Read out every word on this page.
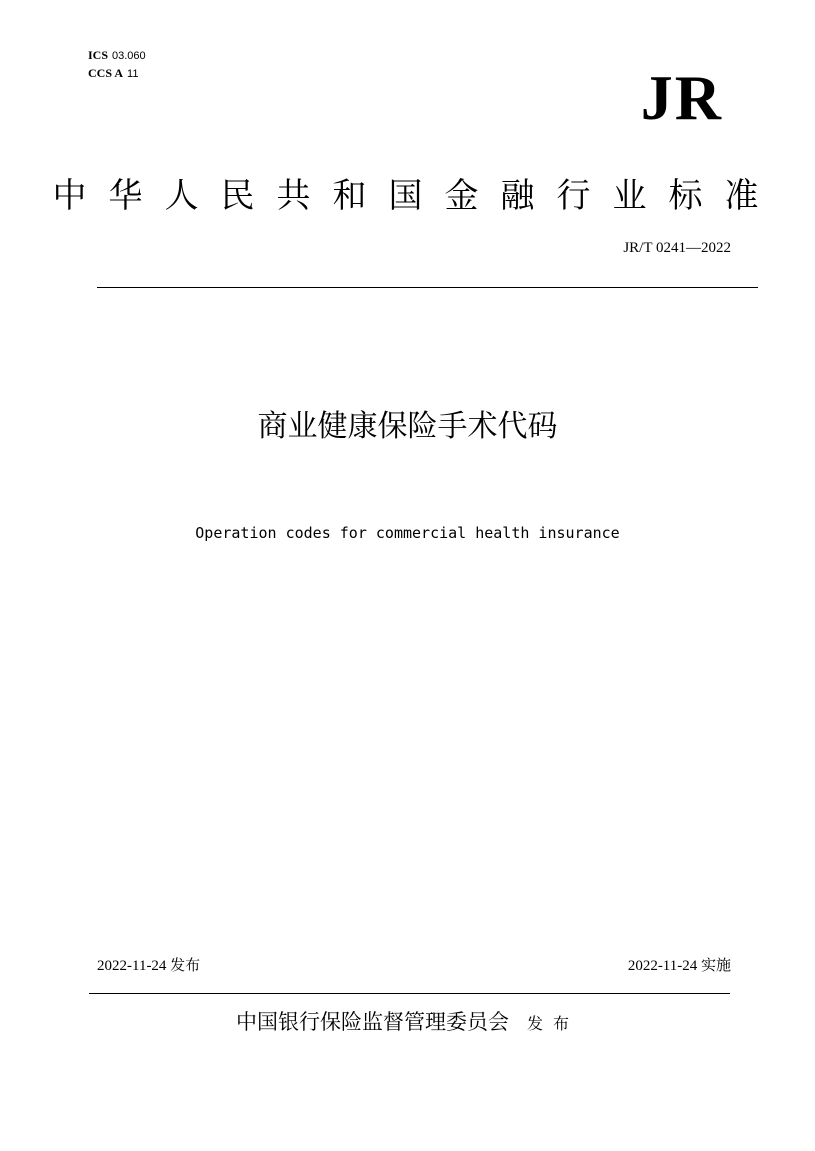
ICS 03.060
CCS A 11	JR
中华人民共和国金融行业标准
JR/T 0241—2022
商业健康保险手术代码
Operation codes for commercial health insurance
2022-11-24 发布	2022-11-24 实施
中国银行保险监督管理委员会 发布
